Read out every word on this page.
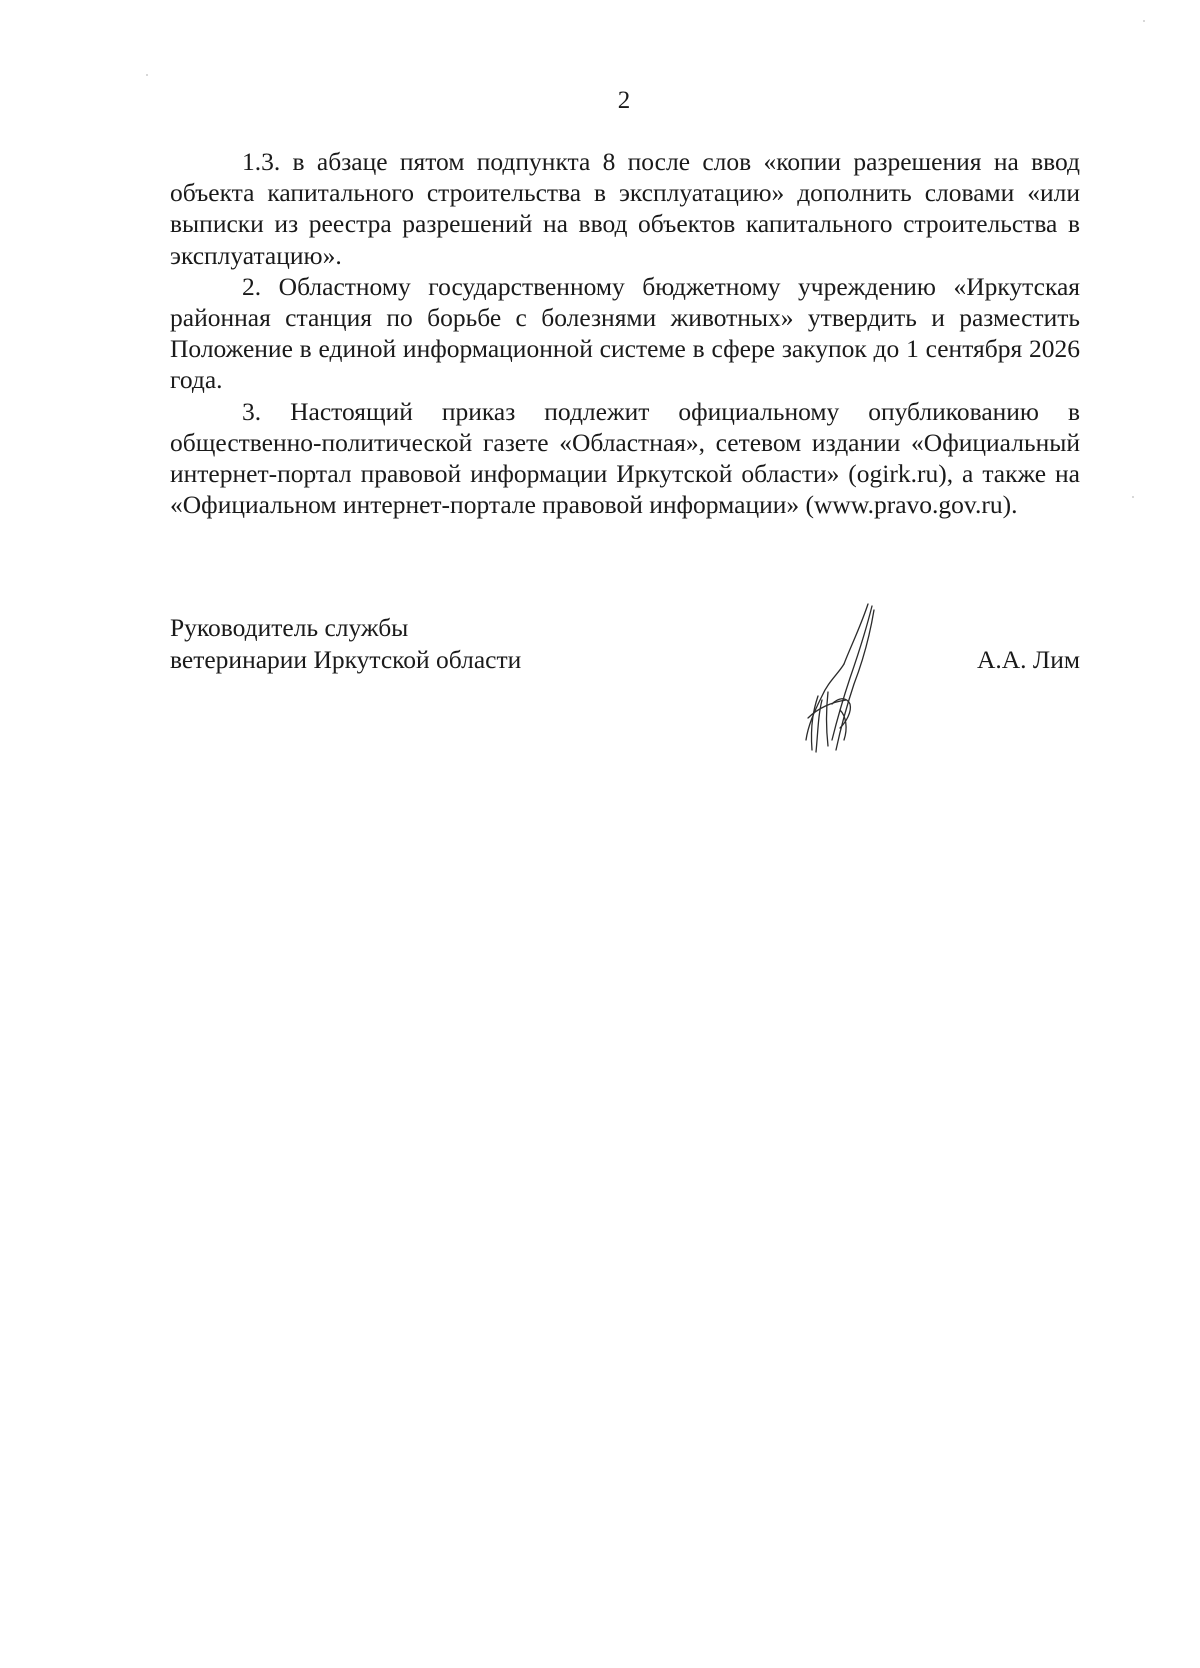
2

1.3. в абзаце пятом подпункта 8 после слов «копии разрешения на ввод объекта капитального строительства в эксплуатацию» дополнить словами «или выписки из реестра разрешений на ввод объектов капитального строительства в эксплуатацию».

2. Областному государственному бюджетному учреждению «Иркутская районная станция по борьбе с болезнями животных» утвердить и разместить Положение в единой информационной системе в сфере закупок до 1 сентября 2026 года.

3. Настоящий приказ подлежит официальному опубликованию в общественно-политической газете «Областная», сетевом издании «Официальный интернет-портал правовой информации Иркутской области» (ogirk.ru), а также на «Официальном интернет-портале правовой информации» (www.pravo.gov.ru).

Руководитель службы
ветеринарии Иркутской области	А.А. Лим
